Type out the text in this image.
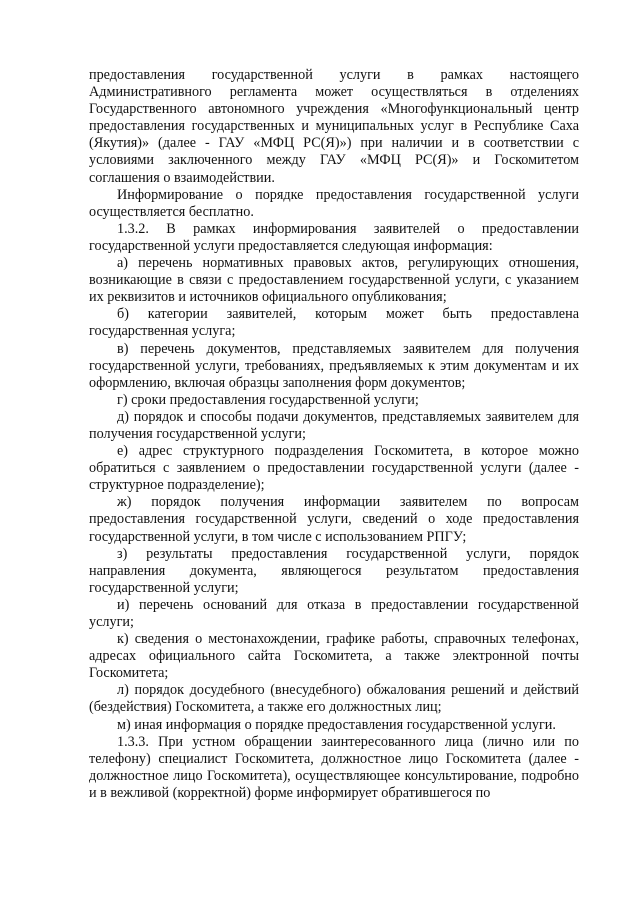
предоставления государственной услуги в рамках настоящего Административного регламента может осуществляться в отделениях Государственного автономного учреждения «Многофункциональный центр предоставления государственных и муниципальных услуг в Республике Саха (Якутия)» (далее - ГАУ «МФЦ РС(Я)») при наличии и в соответствии с условиями заключенного между ГАУ «МФЦ РС(Я)» и Госкомитетом соглашения о взаимодействии.

Информирование о порядке предоставления государственной услуги осуществляется бесплатно.

1.3.2. В рамках информирования заявителей о предоставлении государственной услуги предоставляется следующая информация:

а) перечень нормативных правовых актов, регулирующих отношения, возникающие в связи с предоставлением государственной услуги, с указанием их реквизитов и источников официального опубликования;

б) категории заявителей, которым может быть предоставлена государственная услуга;

в) перечень документов, представляемых заявителем для получения государственной услуги, требованиях, предъявляемых к этим документам и их оформлению, включая образцы заполнения форм документов;

г) сроки предоставления государственной услуги;

д) порядок и способы подачи документов, представляемых заявителем для получения государственной услуги;

е) адрес структурного подразделения Госкомитета, в которое можно обратиться с заявлением о предоставлении государственной услуги (далее - структурное подразделение);

ж) порядок получения информации заявителем по вопросам предоставления государственной услуги, сведений о ходе предоставления государственной услуги, в том числе с использованием РПГУ;

з) результаты предоставления государственной услуги, порядок направления документа, являющегося результатом предоставления государственной услуги;

и) перечень оснований для отказа в предоставлении государственной услуги;

к) сведения о местонахождении, графике работы, справочных телефонах, адресах официального сайта Госкомитета, а также электронной почты Госкомитета;

л) порядок досудебного (внесудебного) обжалования решений и действий (бездействия) Госкомитета, а также его должностных лиц;

м) иная информация о порядке предоставления государственной услуги.

1.3.3. При устном обращении заинтересованного лица (лично или по телефону) специалист Госкомитета, должностное лицо Госкомитета (далее - должностное лицо Госкомитета), осуществляющее консультирование, подробно и в вежливой (корректной) форме информирует обратившегося по
